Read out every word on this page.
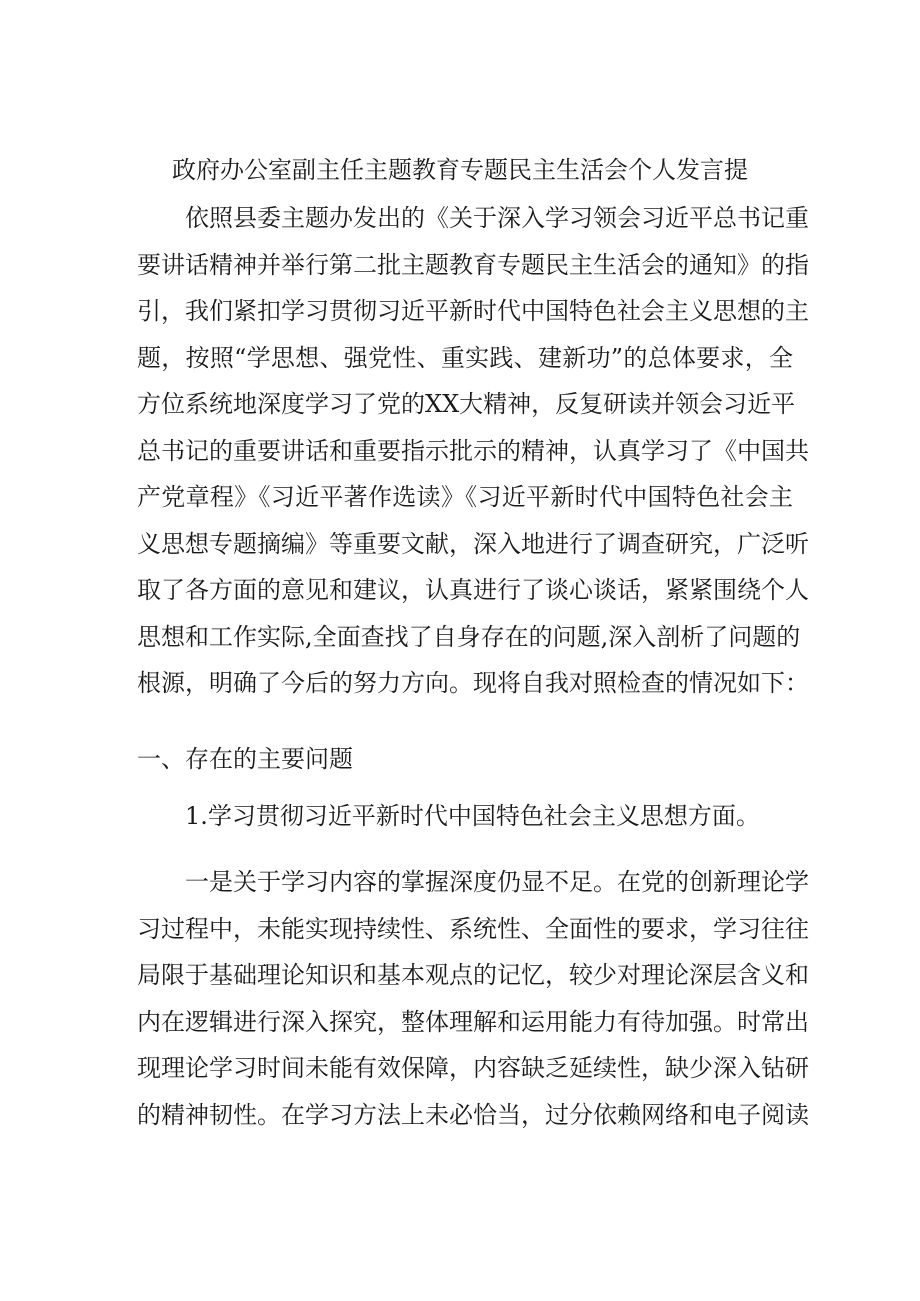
政府办公室副主任主题教育专题民主生活会个人发言提
依照县委主题办发出的《关于深入学习领会习近平总书记重
要讲话精神并举行第二批主题教育专题民主生活会的通知》的指
引，我们紧扣学习贯彻习近平新时代中国特色社会主义思想的主
题，按照“学思想、强党性、重实践、建新功”的总体要求，全
方位系统地深度学习了党的XX大精神，反复研读并领会习近平
总书记的重要讲话和重要指示批示的精神，认真学习了《中国共
产党章程》《习近平著作选读》《习近平新时代中国特色社会主
义思想专题摘编》等重要文献，深入地进行了调查研究，广泛听
取了各方面的意见和建议，认真进行了谈心谈话，紧紧围绕个人
思想和工作实际,全面查找了自身存在的问题,深入剖析了问题的
根源，明确了今后的努力方向。现将自我对照检查的情况如下：
一、存在的主要问题
1.学习贯彻习近平新时代中国特色社会主义思想方面。
一是关于学习内容的掌握深度仍显不足。在党的创新理论学
习过程中，未能实现持续性、系统性、全面性的要求，学习往往
局限于基础理论知识和基本观点的记忆，较少对理论深层含义和
内在逻辑进行深入探究，整体理解和运用能力有待加强。时常出
现理论学习时间未能有效保障，内容缺乏延续性，缺少深入钻研
的精神韧性。在学习方法上未必恰当，过分依赖网络和电子阅读
